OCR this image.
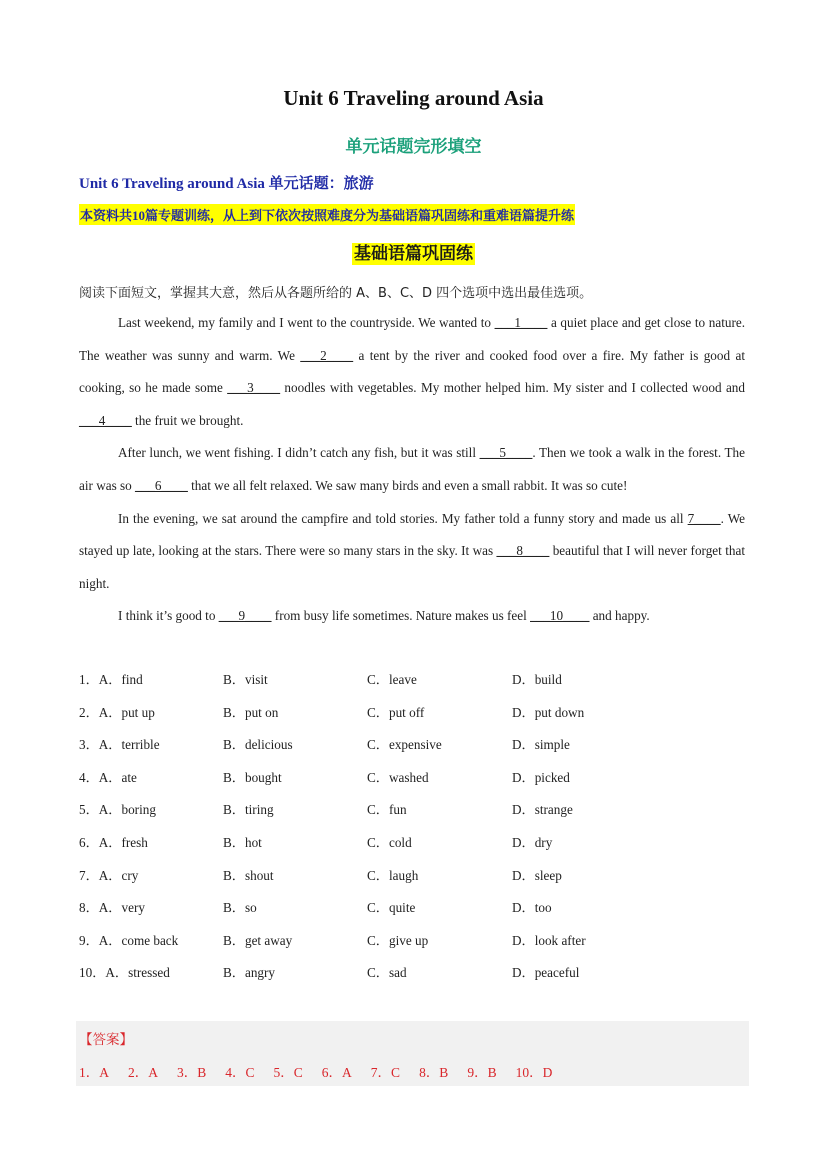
Unit 6 Traveling around Asia
单元话题完形填空
Unit 6 Traveling around Asia 单元话题：旅游
本资料共10篇专题训练，从上到下依次按照难度分为基础语篇巩固练和重难语篇提升练
基础语篇巩固练
阅读下面短文，掌握其大意，然后从各题所给的 A、B、C、D 四个选项中选出最佳选项。

Last weekend, my family and I went to the countryside. We wanted to ___1____ a quiet place and get close to nature. The weather was sunny and warm. We ___2____ a tent by the river and cooked food over a fire. My father is good at cooking, so he made some ___3____ noodles with vegetables. My mother helped him. My sister and I collected wood and ___4____ the fruit we brought.

After lunch, we went fishing. I didn’t catch any fish, but it was still ___5____. Then we took a walk in the forest. The air was so ___6____ that we all felt relaxed. We saw many birds and even a small rabbit. It was so cute!

In the evening, we sat around the campfire and told stories. My father told a funny story and made us all 7____. We stayed up late, looking at the stars. There were so many stars in the sky. It was ___8____ beautiful that I will never forget that night.

I think it’s good to ___9____ from busy life sometimes. Nature makes us feel ___10____ and happy.

1．A．find	B．visit	C．leave	D．build
2．A．put up	B．put on	C．put off	D．put down
3．A．terrible	B．delicious	C．expensive	D．simple
4．A．ate	B．bought	C．washed	D．picked
5．A．boring	B．tiring	C．fun	D．strange
6．A．fresh	B．hot	C．cold	D．dry
7．A．cry	B．shout	C．laugh	D．sleep
8．A．very	B．so	C．quite	D．too
9．A．come back	B．get away	C．give up	D．look after
10．A．stressed	B．angry	C．sad	D．peaceful
【答案】
1．A 2．A 3．B 4．C 5．C 6．A 7．C 8．B 9．B 10．D
